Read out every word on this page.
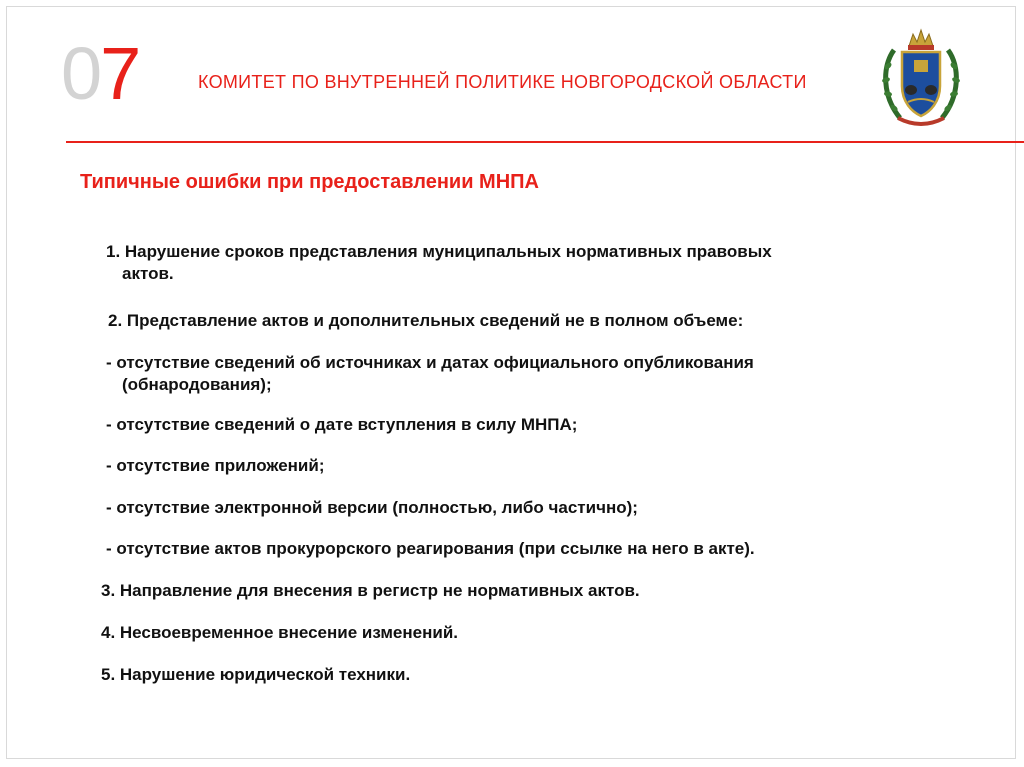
07	КОМИТЕТ ПО ВНУТРЕННЕЙ ПОЛИТИКЕ НОВГОРОДСКОЙ ОБЛАСТИ
Типичные ошибки при предоставлении МНПА
1. Нарушение сроков представления муниципальных нормативных правовых
актов.
2. Представление актов и дополнительных сведений не в полном объеме:
- отсутствие сведений об источниках и датах официального опубликования
(обнародования);
- отсутствие сведений о дате вступления в силу МНПА;
- отсутствие приложений;
- отсутствие электронной версии (полностью, либо частично);
- отсутствие актов прокурорского реагирования (при ссылке на него в акте).
3. Направление для внесения в регистр не нормативных актов.
4. Несвоевременное внесение изменений.
5. Нарушение юридической техники.
